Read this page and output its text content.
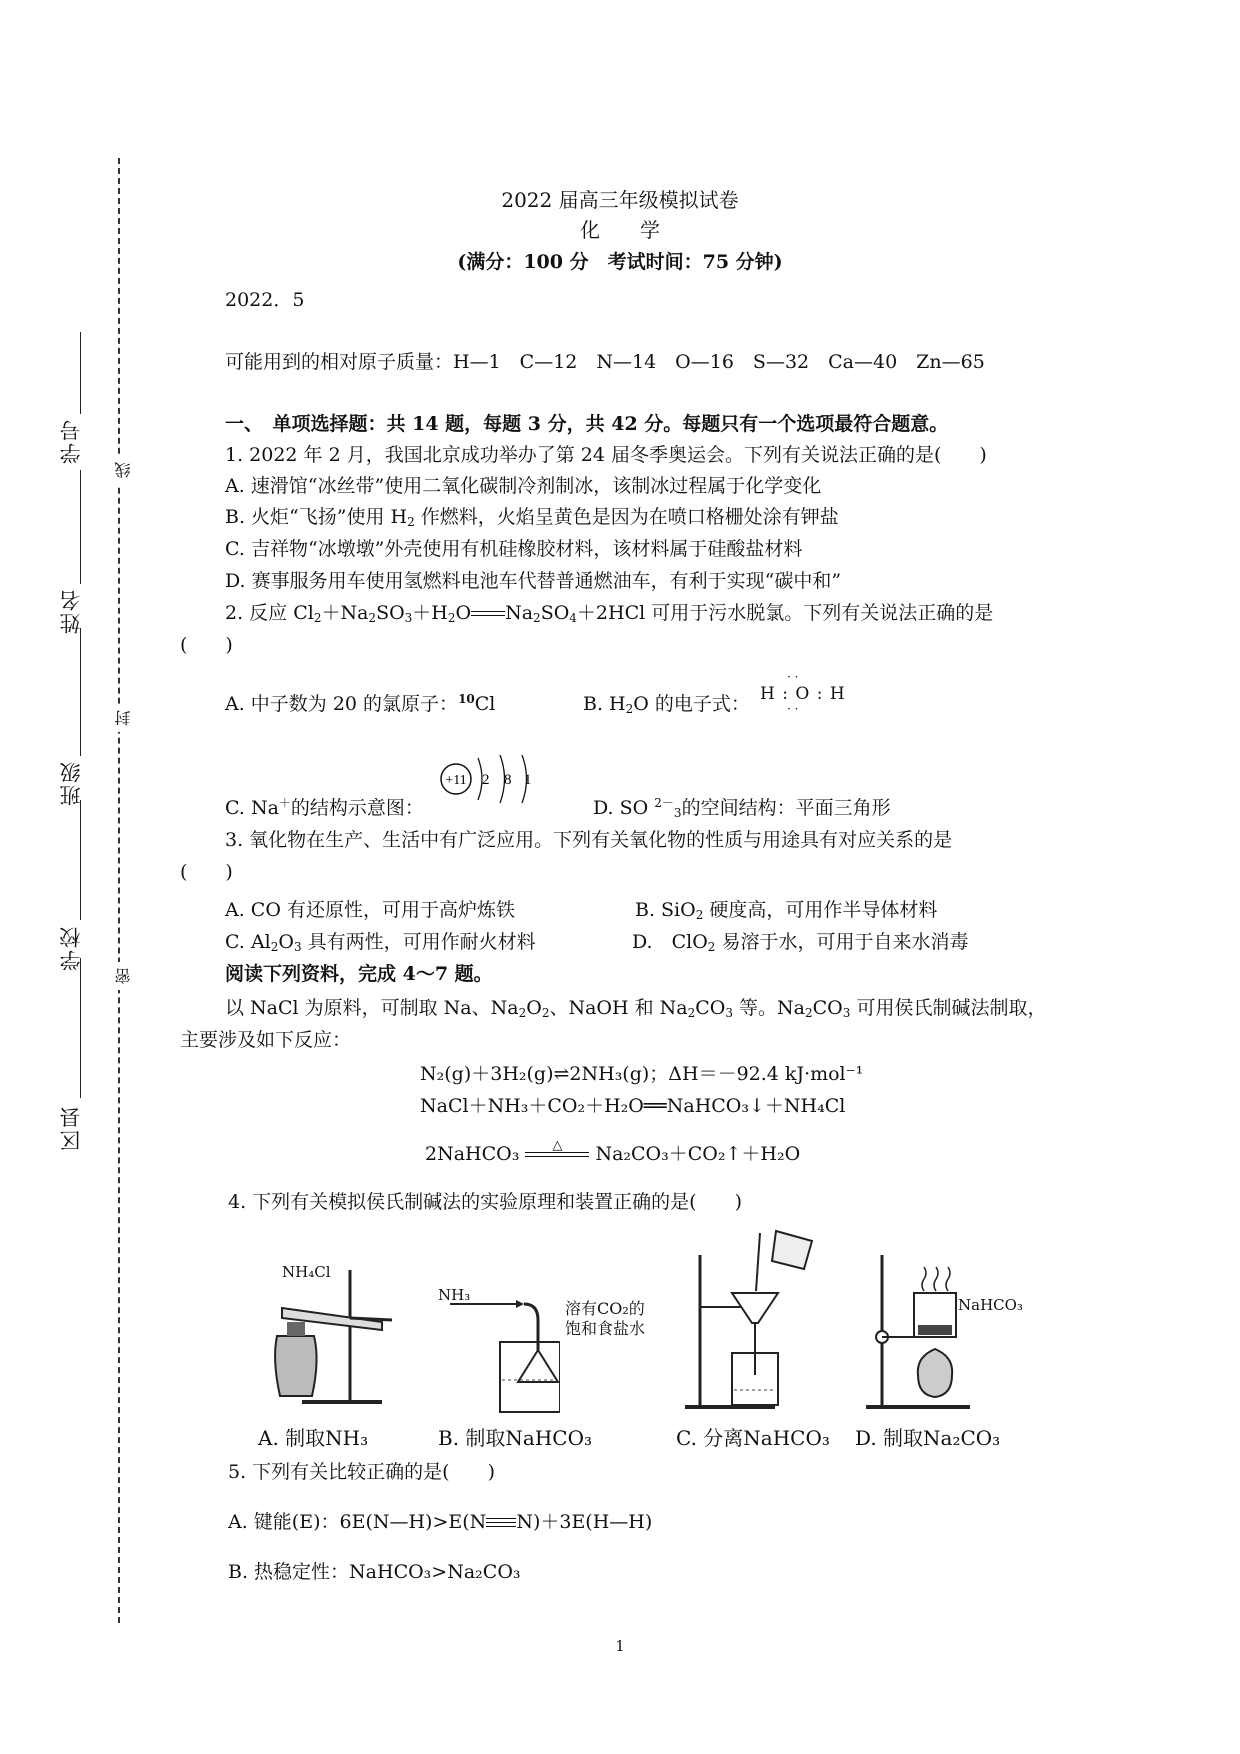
区县
学校
班级
姓名
学号
密
封
线
2022 届高三年级模拟试卷
化　　学
(满分：100 分　考试时间：75 分钟)
2022．5
可能用到的相对原子质量：H—1　C—12　N—14　O—16　S—32　Ca—40　Zn—65
一、　单项选择题：共 14 题，每题 3 分，共 42 分。每题只有一个选项最符合题意。
1. 2022 年 2 月，我国北京成功举办了第 24 届冬季奥运会。下列有关说法正确的是(　　)
A. 速滑馆“冰丝带”使用二氧化碳制冷剂制冰，该制冰过程属于化学变化
B. 火炬“飞扬”使用 $H_2$ 作燃料，火焰呈黄色是因为在喷口格栅处涂有钾盐
C. 吉祥物“冰墩墩”外壳使用有机硅橡胶材料，该材料属于硅酸盐材料
D. 赛事服务用车使用氢燃料电池车代替普通燃油车，有利于实现“碳中和”
2. 反应 $Cl_2+Na_2SO_3+H_2O$ $Na_2SO_4+2HCl$ 可用于污水脱氯。下列有关说法正确的是
(　　)
A. 中子数为 20 的氯原子：$^{10}$Cl	B. $H_2O$ 的电子式： H : O : H
· ·
· ·
+11 2 8 1
C. Na＋的结构示意图：	D. SO $^{2-}_3$的空间结构：平面三角形
3. 氧化物在生产、生活中有广泛应用。下列有关氧化物的性质与用途具有对应关系的是
(　　)
A. CO 有还原性，可用于高炉炼铁	B. SiO$_2$ 硬度高，可用作半导体材料
C. $Al_2O_3$ 具有两性，可用作耐火材料	D.　ClO$_2$ 易溶于水，可用于自来水消毒
阅读下列资料，完成 4～7 题。
以 NaCl 为原料，可制取 Na、$Na_2O_2$、NaOH 和 $Na_2CO_3$ 等。$Na_2CO_3$ 可用侯氏制碱法制取，
主要涉及如下反应：
N₂(g)＋3H₂(g)⇌2NH₃(g)；ΔH＝－92.4 kJ·mol⁻¹
NaCl＋NH₃＋CO₂＋H₂O══NaHCO₃↓＋NH₄Cl
2NaHCO₃	△	Na₂CO₃＋CO₂↑＋H₂O
4. 下列有关模拟侯氏制碱法的实验原理和装置正确的是(　　)
NH₄Cl
A. 制取NH₃
NH₃
溶有CO₂的
饱和食盐水
B. 制取NaHCO₃	C. 分离NaHCO₃
NaHCO₃
D. 制取Na₂CO₃
5. 下列有关比较正确的是(　　)
A. 键能(E)：6E(N—H)>E(N N)＋3E(H—H)
B. 热稳定性：NaHCO₃>Na₂CO₃
1
